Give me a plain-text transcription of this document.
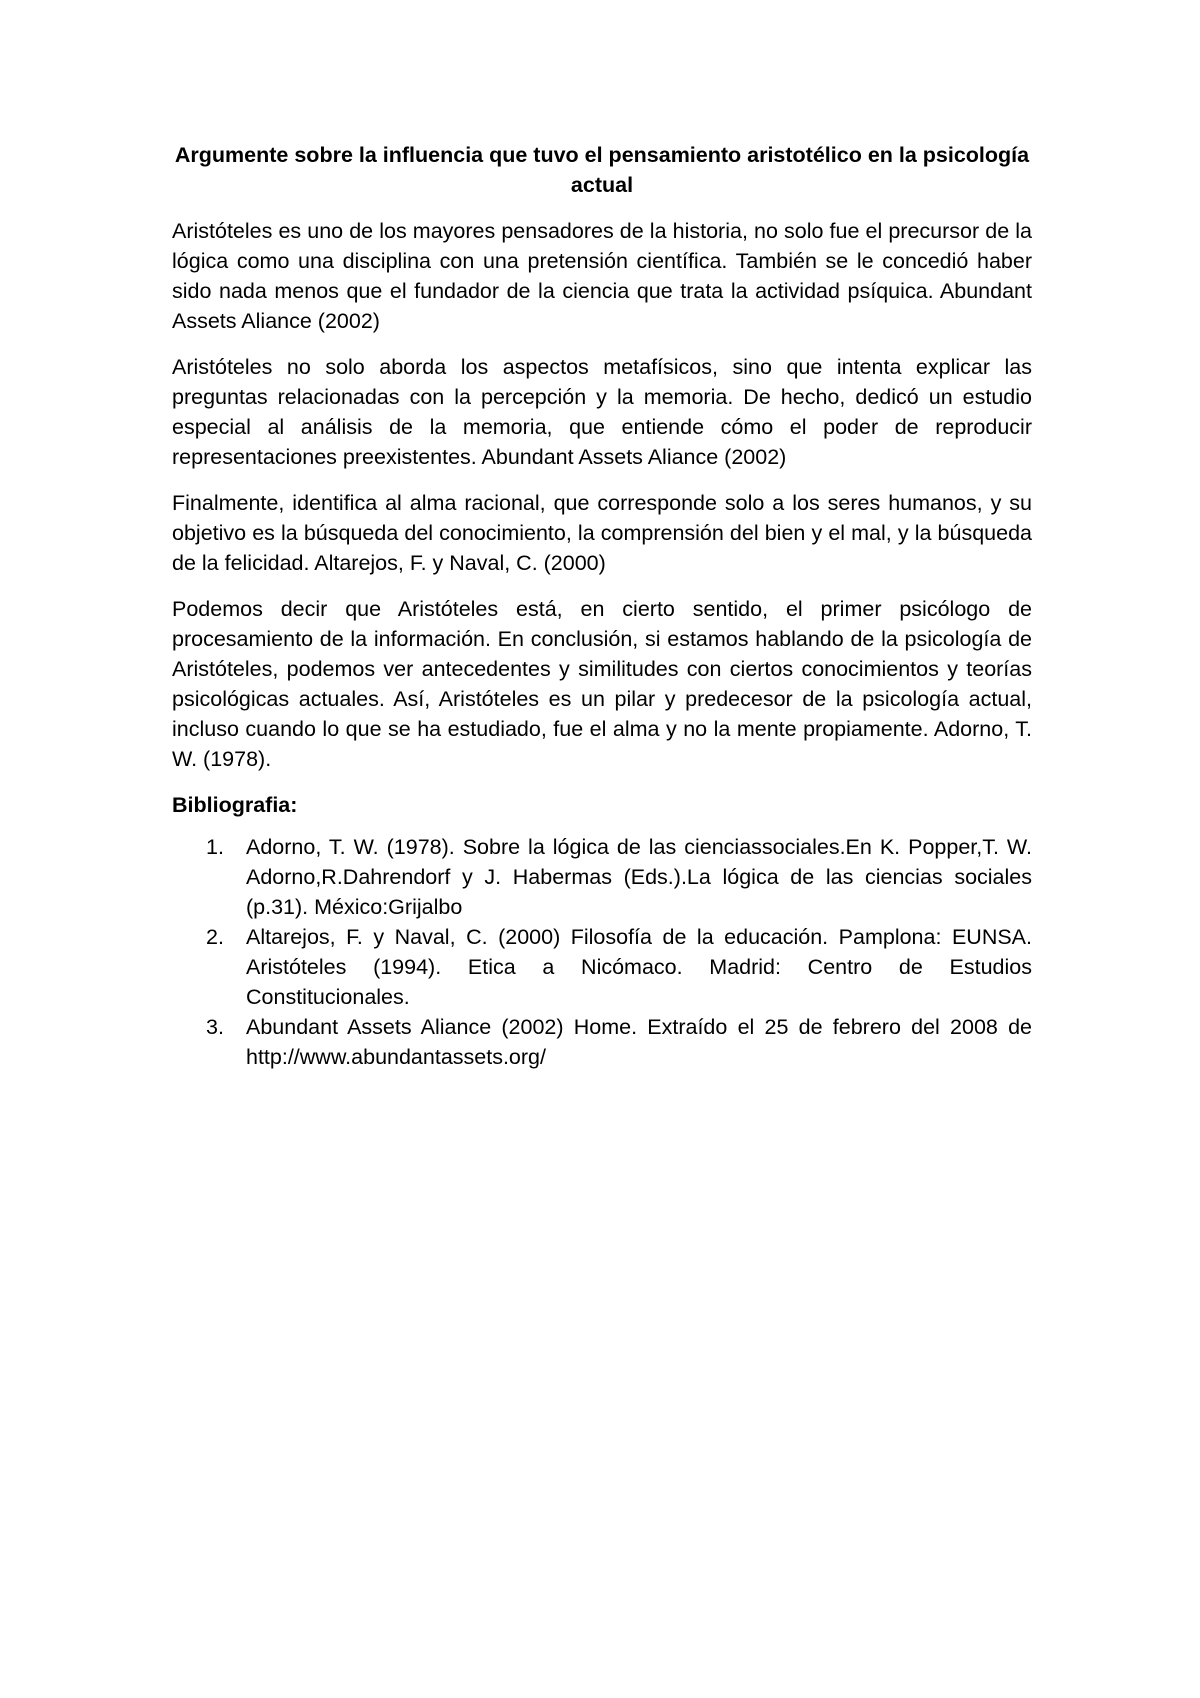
Argumente sobre la influencia que tuvo el pensamiento aristotélico en la psicología actual

Aristóteles es uno de los mayores pensadores de la historia, no solo fue el precursor de la lógica como una disciplina con una pretensión científica. También se le concedió haber sido nada menos que el fundador de la ciencia que trata la actividad psíquica. Abundant Assets Aliance (2002)

Aristóteles no solo aborda los aspectos metafísicos, sino que intenta explicar las preguntas relacionadas con la percepción y la memoria. De hecho, dedicó un estudio especial al análisis de la memoria, que entiende cómo el poder de reproducir representaciones preexistentes. Abundant Assets Aliance (2002)

Finalmente, identifica al alma racional, que corresponde solo a los seres humanos, y su objetivo es la búsqueda del conocimiento, la comprensión del bien y el mal, y la búsqueda de la felicidad. Altarejos, F. y Naval, C. (2000)

Podemos decir que Aristóteles está, en cierto sentido, el primer psicólogo de procesamiento de la información. En conclusión, si estamos hablando de la psicología de Aristóteles, podemos ver antecedentes y similitudes con ciertos conocimientos y teorías psicológicas actuales. Así, Aristóteles es un pilar y predecesor de la psicología actual, incluso cuando lo que se ha estudiado, fue el alma y no la mente propiamente. Adorno, T. W. (1978).

Bibliografia:
1. Adorno, T. W. (1978). Sobre la lógica de las cienciassociales.En K. Popper,T. W. Adorno,R.Dahrendorf y J. Habermas (Eds.).La lógica de las ciencias sociales (p.31). México:Grijalbo
2. Altarejos, F. y Naval, C. (2000) Filosofía de la educación. Pamplona: EUNSA. Aristóteles (1994). Etica a Nicómaco. Madrid: Centro de Estudios Constitucionales.
3. Abundant Assets Aliance (2002) Home. Extraído el 25 de febrero del 2008 de http://www.abundantassets.org/
